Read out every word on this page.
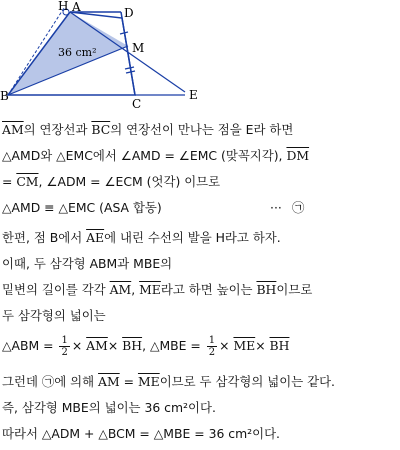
H A	D
M
B
C
E
36 cm²
$\overline{AM}$의 연장선과 $\overline{BC}$의 연장선이 만나는 점을 E라 하면
△AMD와 △EMC에서 ∠AMD = ∠EMC (맞꼭지각), $\overline{DM}$
= $\overline{CM}$, ∠ADM = ∠ECM (엇각) 이므로
△AMD ≡ △EMC (ASA 합동)	··· ㉠
한편, 점 B에서 $\overline{AE}$에 내린 수선의 발을 H라고 하자.
이때, 두 삼각형 ABM과 MBE의
밑변의 길이를 각각 $\overline{AM}$, $\overline{ME}$라고 하면 높이는 $\overline{BH}$이므로
두 삼각형의 넓이는
△ABM = $\frac{1}{2} \times \overline{AM}\times \overline{BH}$, △MBE = $\frac{1}{2} \times \overline{ME}\times \overline{BH}$
그런데 ㉠에 의해 $\overline{AM} = \overline{ME}$이므로 두 삼각형의 넓이는 같다.
즉, 삼각형 MBE의 넓이는 36 cm²이다.
따라서 △ADM + △BCM = △MBE = 36 cm²이다.
